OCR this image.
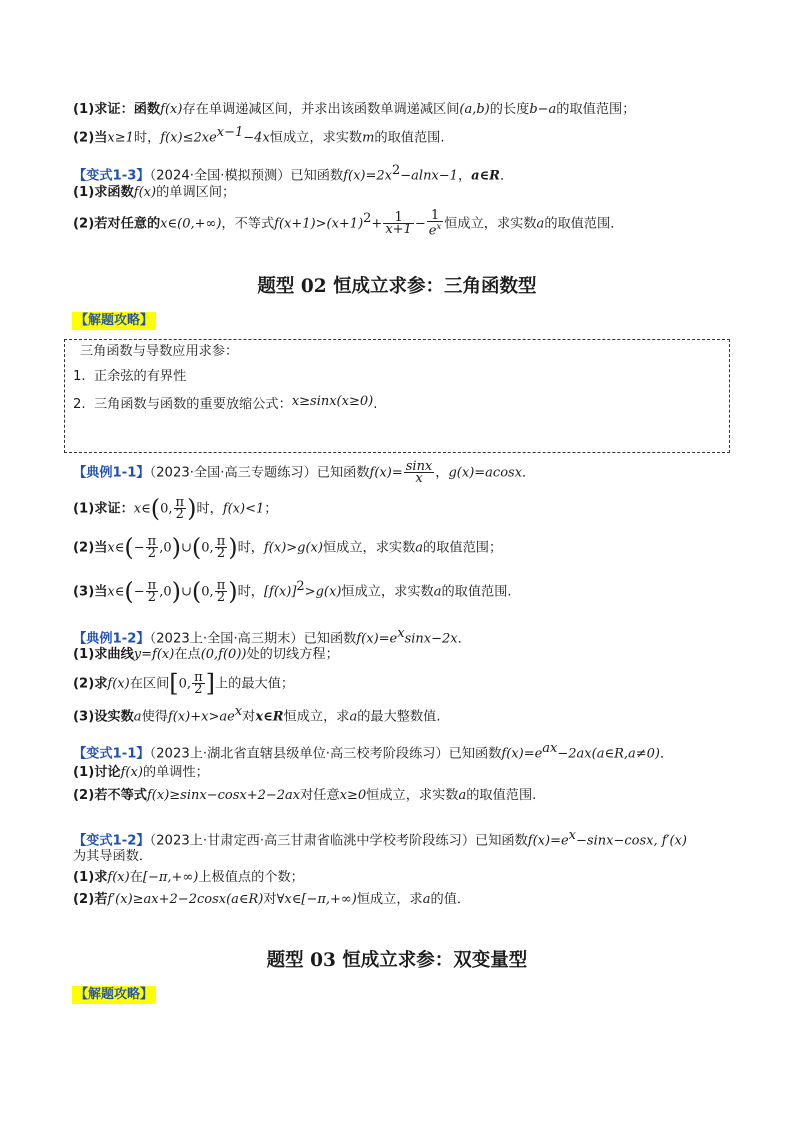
(1)求证：函数f(x)存在单调递减区间，并求出该函数单调递减区间(a,b)的长度b−a的取值范围；
(2)当x≥1时，$f(x)\le 2xe^{x-1}-4x$恒成立，求实数m的取值范围.
【变式1-3】（2024·全国·模拟预测）已知函数$f(x)=2x^2-alnx-1$，a∈R．
(1)求函数f(x)的单调区间；
(2)若对任意的x∈(0,+∞)，不等式$f(x+1)>(x+1)^2+ \frac{1}{x+1} - \frac{1}{e^x}$ 恒成立，求实数a的取值范围．
题型 02 恒成立求参：三角函数型
【解题攻略】
三角函数与导数应用求参：
1. 正余弦的有界性
2. 三角函数与函数的重要放缩公式：x≥sinx(x≥0).
【典例1-1】（2023·全国·高三专题练习）已知函数$f(x)= \frac{\sin x}{x}$ ，g(x)=acosx．
(1)求证：x∈(0, $\frac{\pi}{2}$ )时，f(x)<1；
(2)当x∈(− $\frac{\pi}{2}$ ,0)∪(0, $\frac{\pi}{2}$ )时，f(x)>g(x)恒成立，求实数a的取值范围；
(3)当x∈(− $\frac{\pi}{2}$ ,0)∪(0, $\frac{\pi}{2}$ )时，$[f(x)]^2>g(x)$恒成立，求实数a的取值范围.
【典例1-2】（2023上·全国·高三期末）已知函数$f(x)=e^x\sin x-2x$．
(1)求曲线y=f(x)在点(0,f(0))处的切线方程；
(2)求f(x)在区间[0, $\frac{\pi}{2}$ ]上的最大值；
(3)设实数a使得$f(x)+x>ae^x$对x∈R恒成立，求a的最大整数值.
【变式1-1】（2023上·湖北省直辖县级单位·高三校考阶段练习）已知函数$f(x)=e^{ax}-2ax(a\in R,a\ne 0)$．
(1)讨论f(x)的单调性；
(2)若不等式f(x)≥sinx−cosx+2−2ax对任意x≥0恒成立，求实数a的取值范围.
【变式1-2】（2023上·甘肃定西·高三甘肃省临洮中学校考阶段练习）已知函数$f(x)=e^x-\sin x-\cos x$, f′(x)
为其导函数．
(1)求f(x)在[−π,+∞)上极值点的个数；
(2)若f′(x)≥ax+2−2cosx(a∈R)对∀x∈[−π,+∞)恒成立，求a的值．
题型 03 恒成立求参：双变量型
【解题攻略】
